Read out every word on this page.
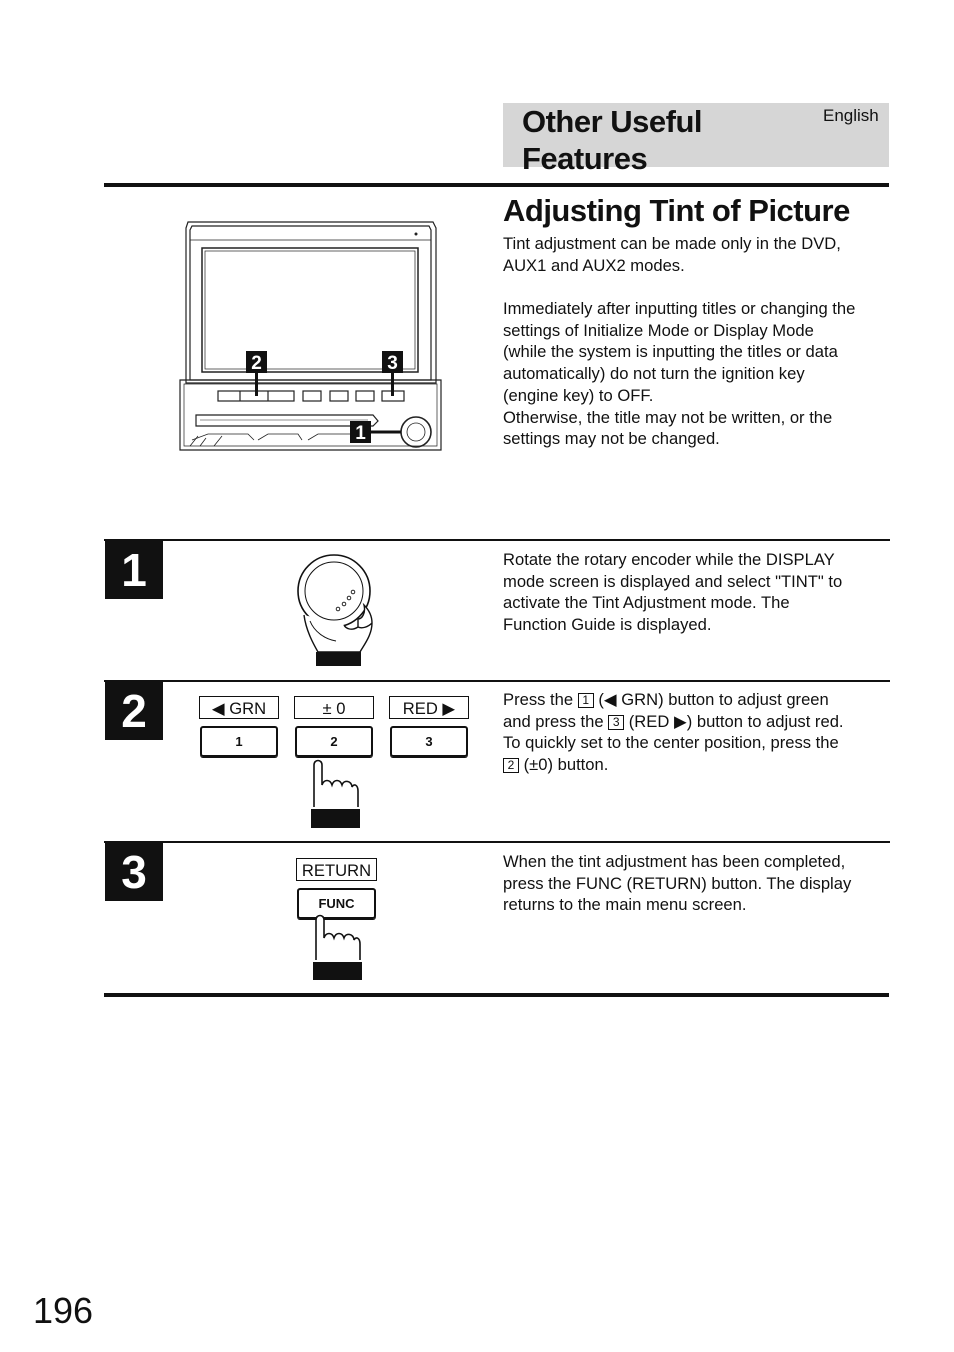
Other Useful Features
English
Adjusting Tint of Picture
Tint adjustment can be made only in the DVD,
AUX1 and AUX2 modes.
Immediately after inputting titles or changing the
settings of Initialize Mode or Display Mode
(while the system is inputting the titles or data
automatically) do not turn the ignition key
(engine key) to OFF.
Otherwise, the title may not be written, or the
settings may not be changed.
2	3
1
1	Rotate the rotary encoder while the DISPLAY
mode screen is displayed and select "TINT" to
activate the Tint Adjustment mode. The
Function Guide is displayed.
2	◀ GRN	± 0	RED ▶
1	2	3
Press the 1 (◀ GRN) button to adjust green
and press the 3 (RED ▶) button to adjust red.
To quickly set to the center position, press the
2 (±0) button.
3	RETURN
FUNC
When the tint adjustment has been completed,
press the FUNC (RETURN) button. The display
returns to the main menu screen.
196
